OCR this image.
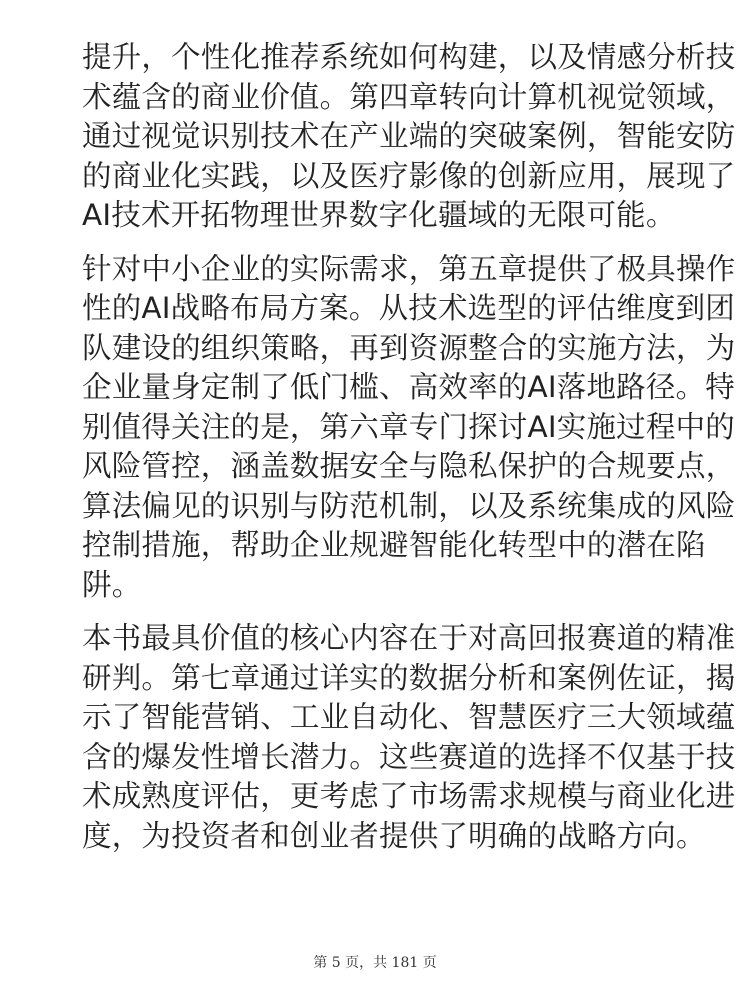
提升，个性化推荐系统如何构建，以及情感分析技
术蕴含的商业价值。第四章转向计算机视觉领域，
通过视觉识别技术在产业端的突破案例，智能安防
的商业化实践，以及医疗影像的创新应用，展现了
AI技术开拓物理世界数字化疆域的无限可能。
针对中小企业的实际需求，第五章提供了极具操作
性的AI战略布局方案。从技术选型的评估维度到团
队建设的组织策略，再到资源整合的实施方法，为
企业量身定制了低门槛、高效率的AI落地路径。特
别值得关注的是，第六章专门探讨AI实施过程中的
风险管控，涵盖数据安全与隐私保护的合规要点，
算法偏见的识别与防范机制，以及系统集成的风险
控制措施，帮助企业规避智能化转型中的潜在陷
阱。
本书最具价值的核心内容在于对高回报赛道的精准
研判。第七章通过详实的数据分析和案例佐证，揭
示了智能营销、工业自动化、智慧医疗三大领域蕴
含的爆发性增长潜力。这些赛道的选择不仅基于技
术成熟度评估，更考虑了市场需求规模与商业化进
度，为投资者和创业者提供了明确的战略方向。
第 5 页，共 181 页
